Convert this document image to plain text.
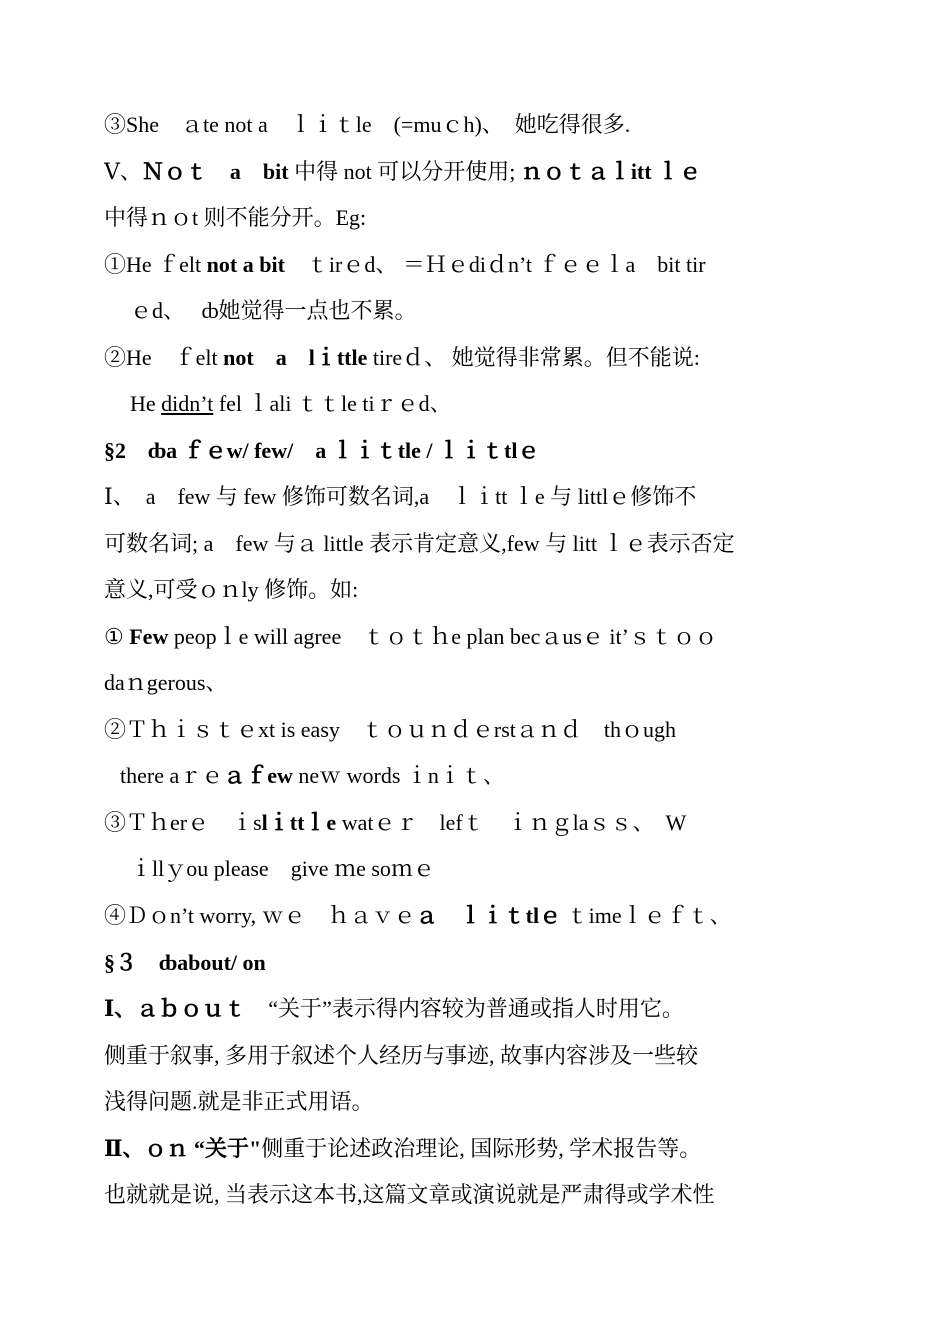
③She　ａte not a　ｌｉｔle　(=muｃh)、　她吃得很多.
Ⅴ、Ｎｏｔ　a　bit 中得 not 可以分开使用; ｎｏｔａｌitt ｌｅ
中得ｎｏt 则不能分开。Eg:
①He ｆelt not a bit　ｔirｅd、 ＝Ｈｅdiｄn’t ｆｅｅｌa　bit tir
ｅd、　 ȸ她觉得一点也不累。
②He　ｆelt not　a　lｉttle tireｄ、 她觉得非常累。但不能说:
He didn’t fel ｌali ｔｔle tiｒｅd、
§2　ȸa ｆｅw/ few/　a ｌｉｔtle / ｌｉｔtlｅ
Ⅰ、　a　few 与 few 修饰可数名词,a　ｌｉtt ｌe 与 littlｅ修饰不
可数名词; a　few 与ａ little 表示肯定意义,few 与 litt ｌｅ表示否定
意义,可受ｏｎly 修饰。如:
① Few peopｌe will agree　ｔｏｔｈe plan becａusｅ it’ｓｔｏｏ
daｎgerous、
②Ｔｈｉｓｔｅxt is easy　ｔｏｕｎｄｅrstａｎｄ　thｏugh
there aｒｅａｆew neｗ words ｉnｉｔ、
③Ｔｈerｅ　ｉslｉttｌe watｅｒ　lefｔ　ｉｎｇlaｓｓ、　W
ｉllｙou please　give ｍe soｍｅ
④Ｄｏn’t worry, ｗｅ　ｈａｖｅａ　ｌｉｔtlｅ ｔimeｌｅｆｔ、
§３　ȸabout/ on
Ⅰ、ａｂｏｕｔ　“关于”表示得内容较为普通或指人时用它。
侧重于叙事, 多用于叙述个人经历与事迹, 故事内容涉及一些较
浅得问题.就是非正式用语。
Ⅱ、ｏｎ “关于"侧重于论述政治理论, 国际形势, 学术报告等。
也就就是说, 当表示这本书,这篇文章或演说就是严肃得或学术性
